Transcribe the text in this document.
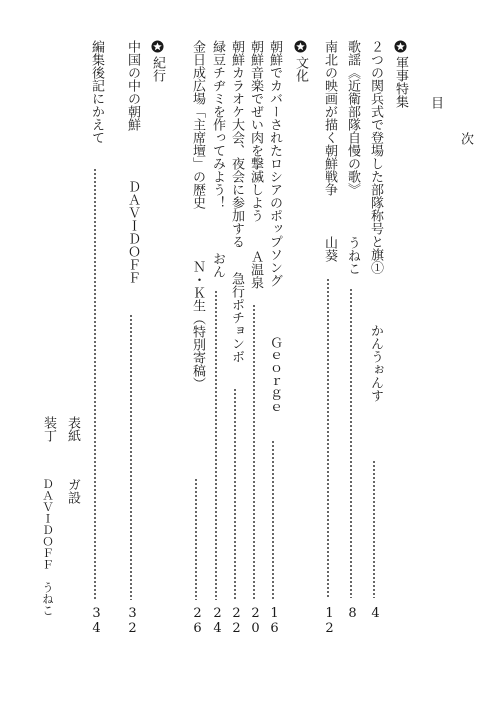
目
次
軍事特集
２つの関兵式で登場した部隊称号と旗①
かんうぉんす
4
歌謡《近衛部隊自慢の歌》
うねこ
8
南北の映画が描く朝鮮戦争
山葵
12
文化
朝鮮でカバーされたロシアのポップソング
Ｇｅｏｒｇｅ
16
朝鮮音楽でぜい肉を撃滅しよう
Ａ温泉
20
朝鮮カラオケ大会、夜会に参加する
急行ポチョンボ
22
緑豆チヂミを作ってみよう！
おん
24
金日成広場「主席壇」の歴史
Ｎ・Ｋ生（特別寄稿）
26
紀行
中国の中の朝鮮
ＤＡＶＩＤＯＦＦ
32
編集後記にかえて
34
表紙
ガ設
装丁
ＤＡＶＩＤＯＦＦ　うねこ
